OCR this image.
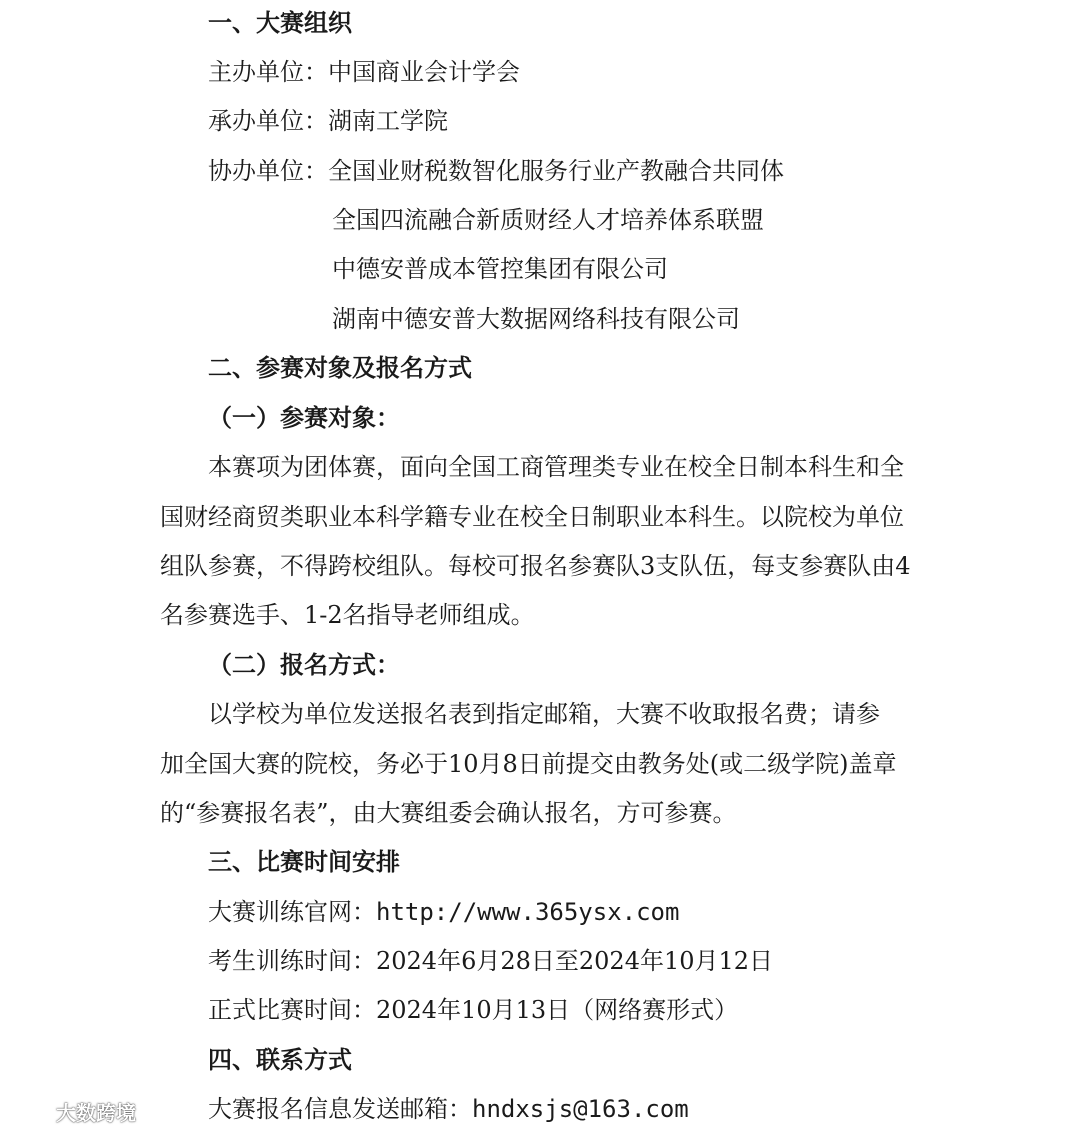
一、大赛组织
主办单位：中国商业会计学会
承办单位：湖南工学院
协办单位：全国业财税数智化服务行业产教融合共同体
全国四流融合新质财经人才培养体系联盟
中德安普成本管控集团有限公司
湖南中德安普大数据网络科技有限公司
二、参赛对象及报名方式
（一）参赛对象：
本赛项为团体赛，面向全国工商管理类专业在校全日制本科生和全
国财经商贸类职业本科学籍专业在校全日制职业本科生。以院校为单位
组队参赛，不得跨校组队。每校可报名参赛队3支队伍，每支参赛队由4
名参赛选手、1-2名指导老师组成。
（二）报名方式：
以学校为单位发送报名表到指定邮箱，大赛不收取报名费；请参
加全国大赛的院校，务必于10月8日前提交由教务处(或二级学院)盖章
的“参赛报名表”，由大赛组委会确认报名，方可参赛。
三、比赛时间安排
大赛训练官网：http://www.365ysx.com
考生训练时间：2024年6月28日至2024年10月12日
正式比赛时间：2024年10月13日（网络赛形式）
四、联系方式
大赛报名信息发送邮箱：hndxsjs@163.com
大数跨境
